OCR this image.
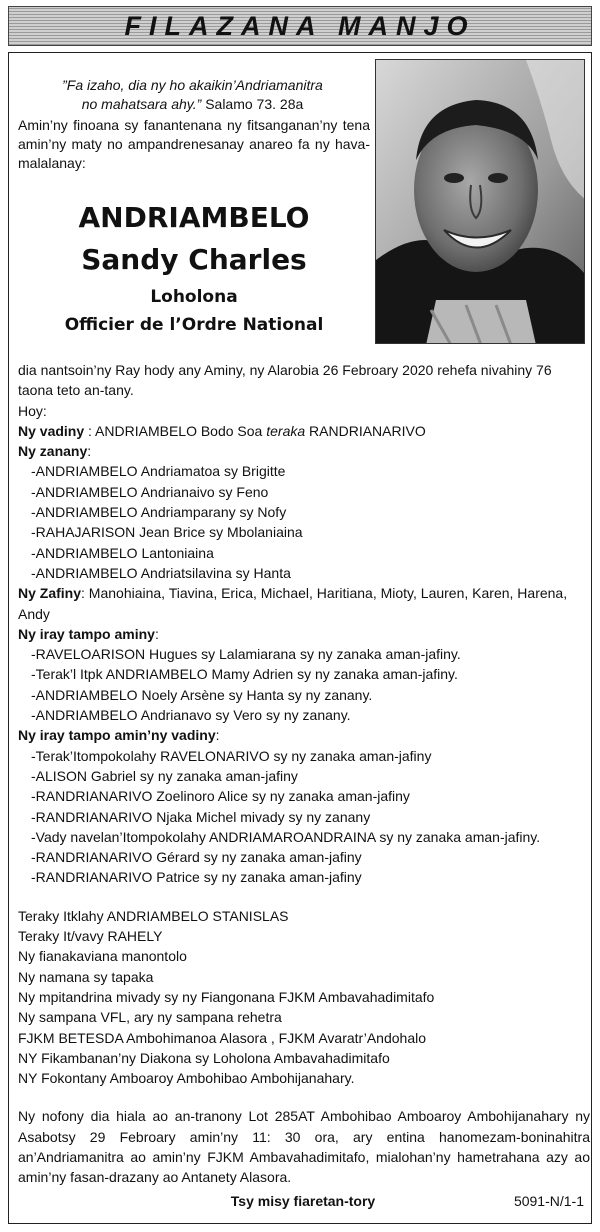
FILAZANA MANJO
”Fa izaho, dia ny ho akaikin’Andriamanitra
no mahatsara ahy.” Salamo 73. 28a
Amin’ny finoana sy fanantenana ny fitsanganan’ny tena amin’ny maty no ampandrenesanay anareo fa ny hava-malalanay:
ANDRIAMBELO
Sandy Charles
Loholona
Officier de l’Ordre National

dia nantsoin’ny Ray hody any Aminy, ny Alarobia 26 Febroary 2020 rehefa nivahiny 76 taona teto an-tany.

Hoy:

Ny vadiny : ANDRIAMBELO Bodo Soa teraka RANDRIANARIVO

Ny zanany:

-ANDRIAMBELO Andriamatoa sy Brigitte

-ANDRIAMBELO Andrianaivo sy Feno

-ANDRIAMBELO Andriamparany sy Nofy

-RAHAJARISON Jean Brice sy Mbolaniaina

-ANDRIAMBELO Lantoniaina

-ANDRIAMBELO Andriatsilavina sy Hanta

Ny Zafiny: Manohiaina, Tiavina, Erica, Michael, Haritiana, Mioty, Lauren, Karen, Harena, Andy

Ny iray tampo aminy:

-RAVELOARISON Hugues sy Lalamiarana sy ny zanaka aman-jafiny.

-Terak’l Itpk ANDRIAMBELO Mamy Adrien sy ny zanaka aman-jafiny.

-ANDRIAMBELO Noely Arsène sy Hanta sy ny zanany.

-ANDRIAMBELO Andrianavo sy Vero sy ny zanany.

Ny iray tampo amin’ny vadiny:

-Terak’Itompokolahy RAVELONARIVO sy ny zanaka aman-jafiny

-ALISON Gabriel sy ny zanaka aman-jafiny

-RANDRIANARIVO Zoelinoro Alice sy ny zanaka aman-jafiny

-RANDRIANARIVO Njaka Michel mivady sy ny zanany

-Vady navelan’Itompokolahy ANDRIAMAROANDRAINA sy ny zanaka aman-jafiny.

-RANDRIANARIVO Gérard sy ny zanaka aman-jafiny

-RANDRIANARIVO Patrice sy ny zanaka aman-jafiny

Teraky Itklahy ANDRIAMBELO STANISLAS

Teraky It/vavy RAHELY

Ny fianakaviana manontolo

Ny namana sy tapaka

Ny mpitandrina mivady sy ny Fiangonana FJKM Ambavahadimitafo

Ny sampana VFL, ary ny sampana rehetra

FJKM BETESDA Ambohimanoa Alasora , FJKM Avaratr’Andohalo

NY Fikambanan’ny Diakona sy Loholona Ambavahadimitafo

NY Fokontany Amboaroy Ambohibao Ambohijanahary.

Ny nofony dia hiala ao an-tranony Lot 285AT Ambohibao Amboaroy Ambohijanahary ny Asabotsy 29 Febroary amin’ny 11: 30 ora, ary entina hanomezam-boninahitra an’Andriamanitra ao amin’ny FJKM Ambavahadimitafo, mialohan’ny hametrahana azy ao amin’ny fasan-drazany ao Antanety Alasora.

Tsy misy fiaretan-tory	5091-N/1-1
